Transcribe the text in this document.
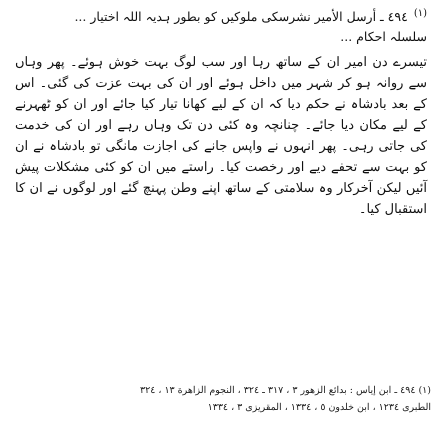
$^{(١)}$ ٤٩٤ ـ أرسل الأمير نشرسكی ملوکیں کو بطور ہدیہ اللہ اختیار ...
سلسلہ احکام ...
تیسرے دن امیر ان کے ساتھ رہا اور سب لوگ بہت خوش ہوئے۔ پھر وہاں سے روانہ ہو کر شہر میں داخل ہوئے اور ان کی بہت عزت کی گئی۔ اس کے بعد بادشاہ نے حکم دیا کہ ان کے لیے کھانا تیار کیا جائے اور ان کو ٹھہرنے کے لیے مکان دیا جائے۔ چنانچہ وہ کئی دن تک وہاں رہے اور ان کی خدمت کی جاتی رہی۔ پھر انہوں نے واپس جانے کی اجازت مانگی تو بادشاہ نے ان کو بہت سے تحفے دیے اور رخصت کیا۔ راستے میں ان کو کئی مشکلات پیش آئیں لیکن آخرکار وہ سلامتی کے ساتھ اپنے وطن پہنچ گئے اور لوگوں نے ان کا استقبال کیا۔
(١) ٤٩٤ ـ ابن إیاس : بدائع الزهور ٣ ، ٣١٧ ـ ٣٢٤ ، النجوم الزاهرة ١٣ ، ٣٢٤
الطبری ١٢٣٤ ، ابن خلدون ٥ ، ١٣٣٤ ، المقریزی ٣ ، ١٣٣٤
